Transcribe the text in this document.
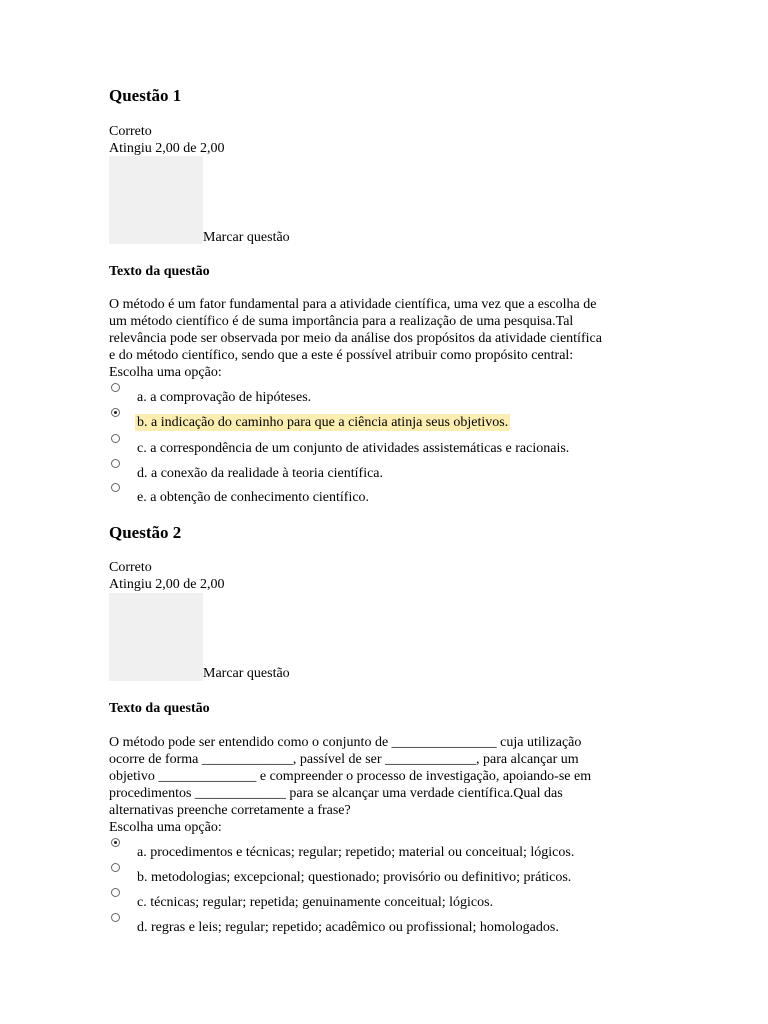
Questão 1
Correto
Atingiu 2,00 de 2,00
Marcar questão
Texto da questão

O método é um fator fundamental para a atividade científica, uma vez que a escolha de

um método científico é de suma importância para a realização de uma pesquisa.Tal

relevância pode ser observada por meio da análise dos propósitos da atividade científica

e do método científico, sendo que a este é possível atribuir como propósito central:

Escolha uma opção:

a. a comprovação de hipóteses.
b. a indicação do caminho para que a ciência atinja seus objetivos.
c. a correspondência de um conjunto de atividades assistemáticas e racionais.
d. a conexão da realidade à teoria científica.
e. a obtenção de conhecimento científico.
Questão 2
Correto
Atingiu 2,00 de 2,00
Marcar questão
Texto da questão

O método pode ser entendido como o conjunto de _______________ cuja utilização

ocorre de forma _____________, passível de ser _____________, para alcançar um

objetivo ______________ e compreender o processo de investigação, apoiando-se em

procedimentos _____________ para se alcançar uma verdade científica.Qual das

alternativas preenche corretamente a frase?

Escolha uma opção:

a. procedimentos e técnicas; regular; repetido; material ou conceitual; lógicos.
b. metodologias; excepcional; questionado; provisório ou definitivo; práticos.
c. técnicas; regular; repetida; genuinamente conceitual; lógicos.
d. regras e leis; regular; repetido; acadêmico ou profissional; homologados.
